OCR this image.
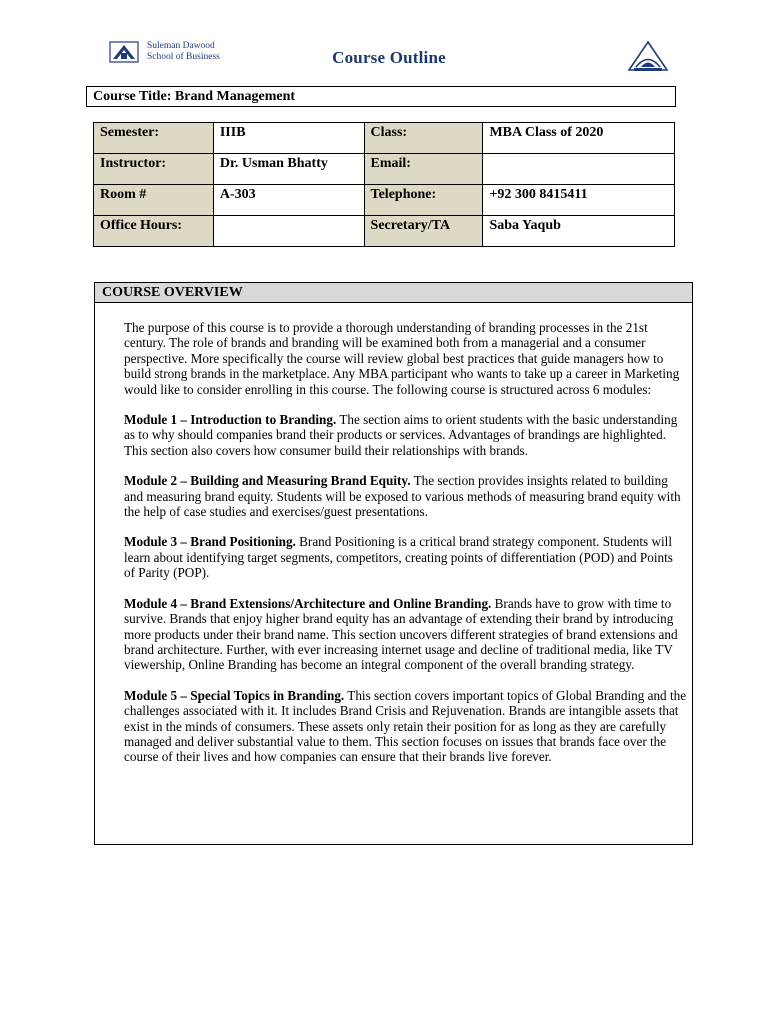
Suleman Dawood
School of Business	Course Outline
Course Title: Brand Management
Semester:	IIIB	Class:	MBA Class of 2020
Instructor:	Dr. Usman Bhatty	Email:	
Room #	A-303	Telephone:	+92 300 8415411
Office Hours:		Secretary/TA	Saba Yaqub
COURSE OVERVIEW

The purpose of this course is to provide a thorough understanding of branding processes in the 21st century. The role of brands and branding will be examined both from a managerial and a consumer perspective. More specifically the course will review global best practices that guide managers how to build strong brands in the marketplace. Any MBA participant who wants to take up a career in Marketing would like to consider enrolling in this course. The following course is structured across 6 modules:

Module 1 – Introduction to Branding. The section aims to orient students with the basic understanding as to why should companies brand their products or services. Advantages of brandings are highlighted. This section also covers how consumer build their relationships with brands.

Module 2 – Building and Measuring Brand Equity. The section provides insights related to building and measuring brand equity. Students will be exposed to various methods of measuring brand equity with the help of case studies and exercises/guest presentations.

Module 3 – Brand Positioning. Brand Positioning is a critical brand strategy component. Students will learn about identifying target segments, competitors, creating points of differentiation (POD) and Points of Parity (POP).

Module 4 – Brand Extensions/Architecture and Online Branding. Brands have to grow with time to survive. Brands that enjoy higher brand equity has an advantage of extending their brand by introducing more products under their brand name. This section uncovers different strategies of brand extensions and brand architecture. Further, with ever increasing internet usage and decline of traditional media, like TV viewership, Online Branding has become an integral component of the overall branding strategy.

Module 5 – Special Topics in Branding. This section covers important topics of Global Branding and the challenges associated with it. It includes Brand Crisis and Rejuvenation. Brands are intangible assets that exist in the minds of consumers. These assets only retain their position for as long as they are carefully managed and deliver substantial value to them. This section focuses on issues that brands face over the course of their lives and how companies can ensure that their brands live forever.
